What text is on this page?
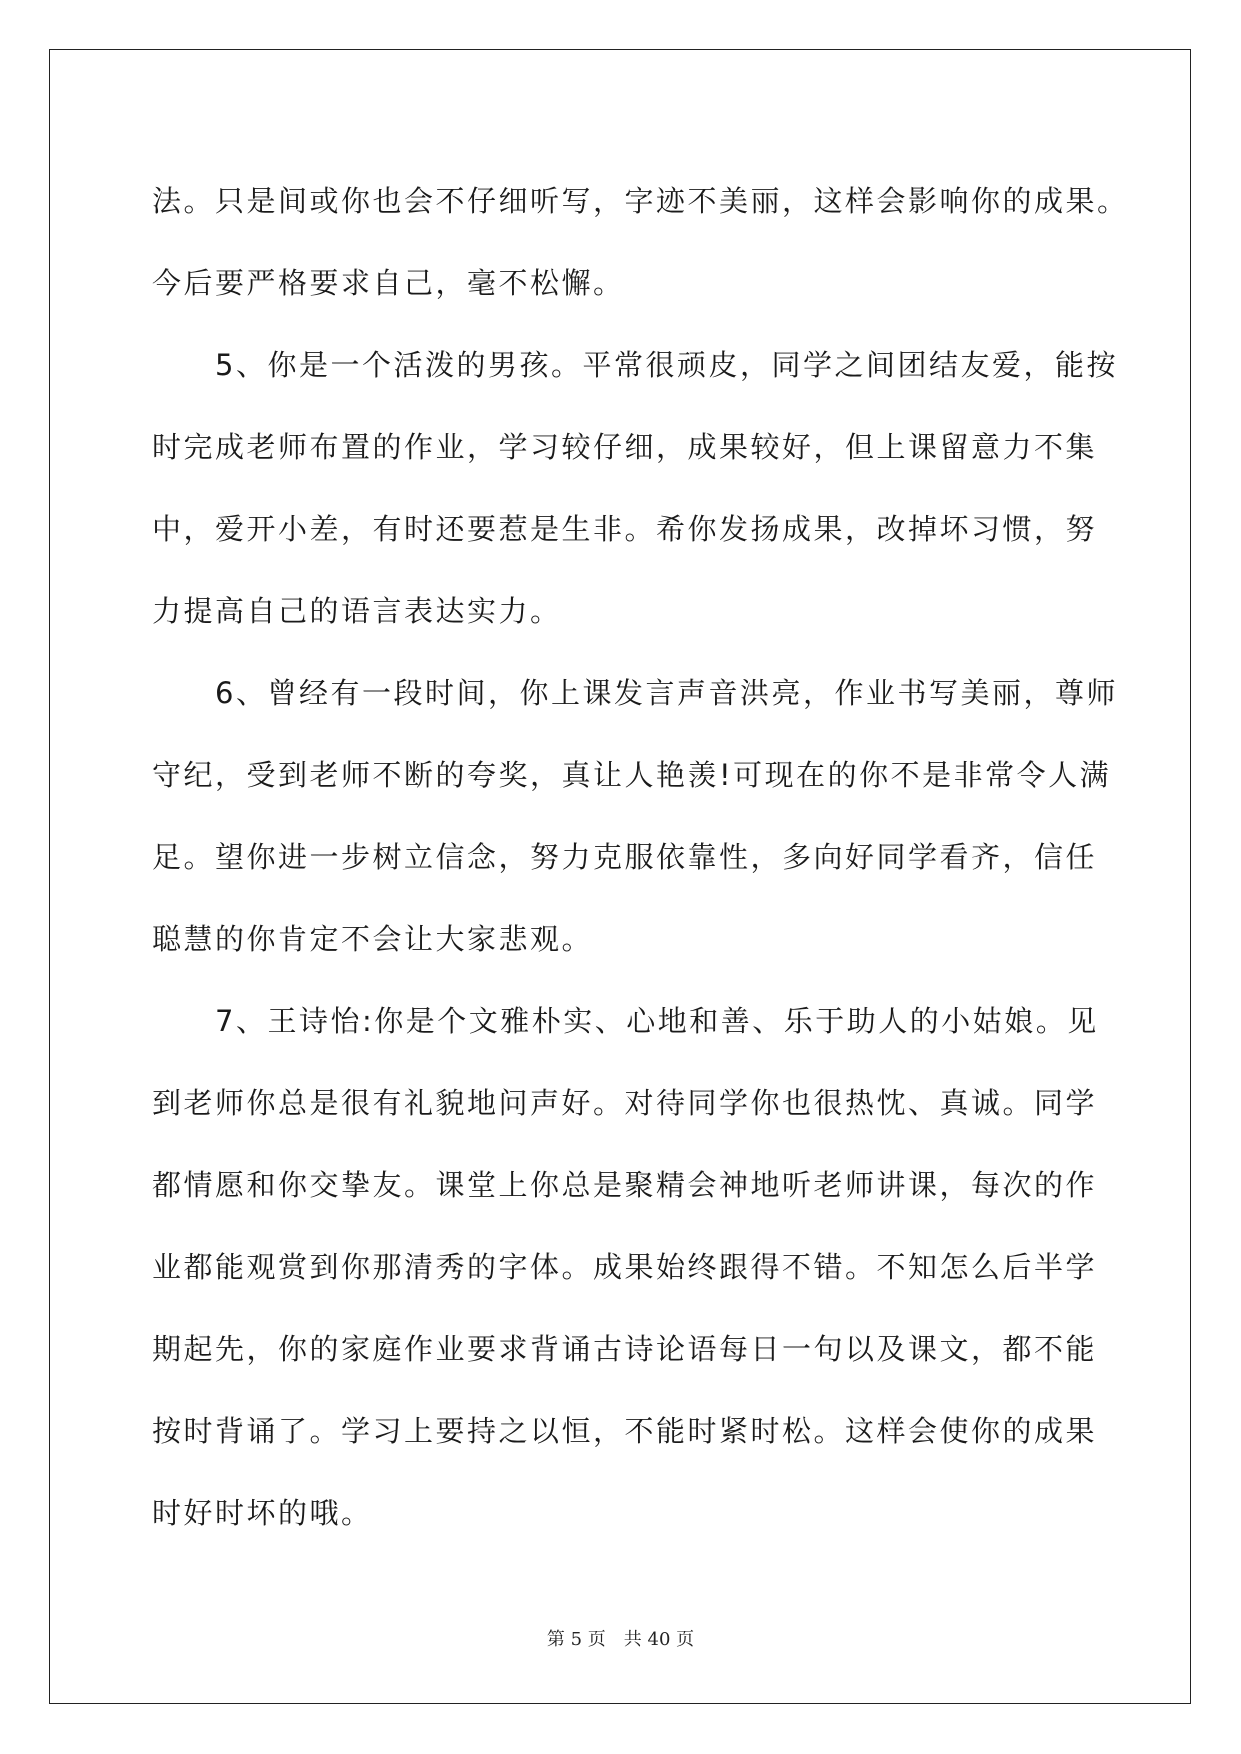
法。只是间或你也会不仔细听写，字迹不美丽，这样会影响你的成果。
今后要严格要求自己，毫不松懈。
　　5、你是一个活泼的男孩。平常很顽皮，同学之间团结友爱，能按
时完成老师布置的作业，学习较仔细，成果较好，但上课留意力不集
中，爱开小差，有时还要惹是生非。希你发扬成果，改掉坏习惯，努
力提高自己的语言表达实力。
　　6、曾经有一段时间，你上课发言声音洪亮，作业书写美丽，尊师
守纪，受到老师不断的夸奖，真让人艳羡!可现在的你不是非常令人满
足。望你进一步树立信念，努力克服依靠性，多向好同学看齐，信任
聪慧的你肯定不会让大家悲观。
　　7、王诗怡:你是个文雅朴实、心地和善、乐于助人的小姑娘。见
到老师你总是很有礼貌地问声好。对待同学你也很热忱、真诚。同学
都情愿和你交挚友。课堂上你总是聚精会神地听老师讲课，每次的作
业都能观赏到你那清秀的字体。成果始终跟得不错。不知怎么后半学
期起先，你的家庭作业要求背诵古诗论语每日一句以及课文，都不能
按时背诵了。学习上要持之以恒，不能时紧时松。这样会使你的成果
时好时坏的哦。
第 5 页　共 40 页
